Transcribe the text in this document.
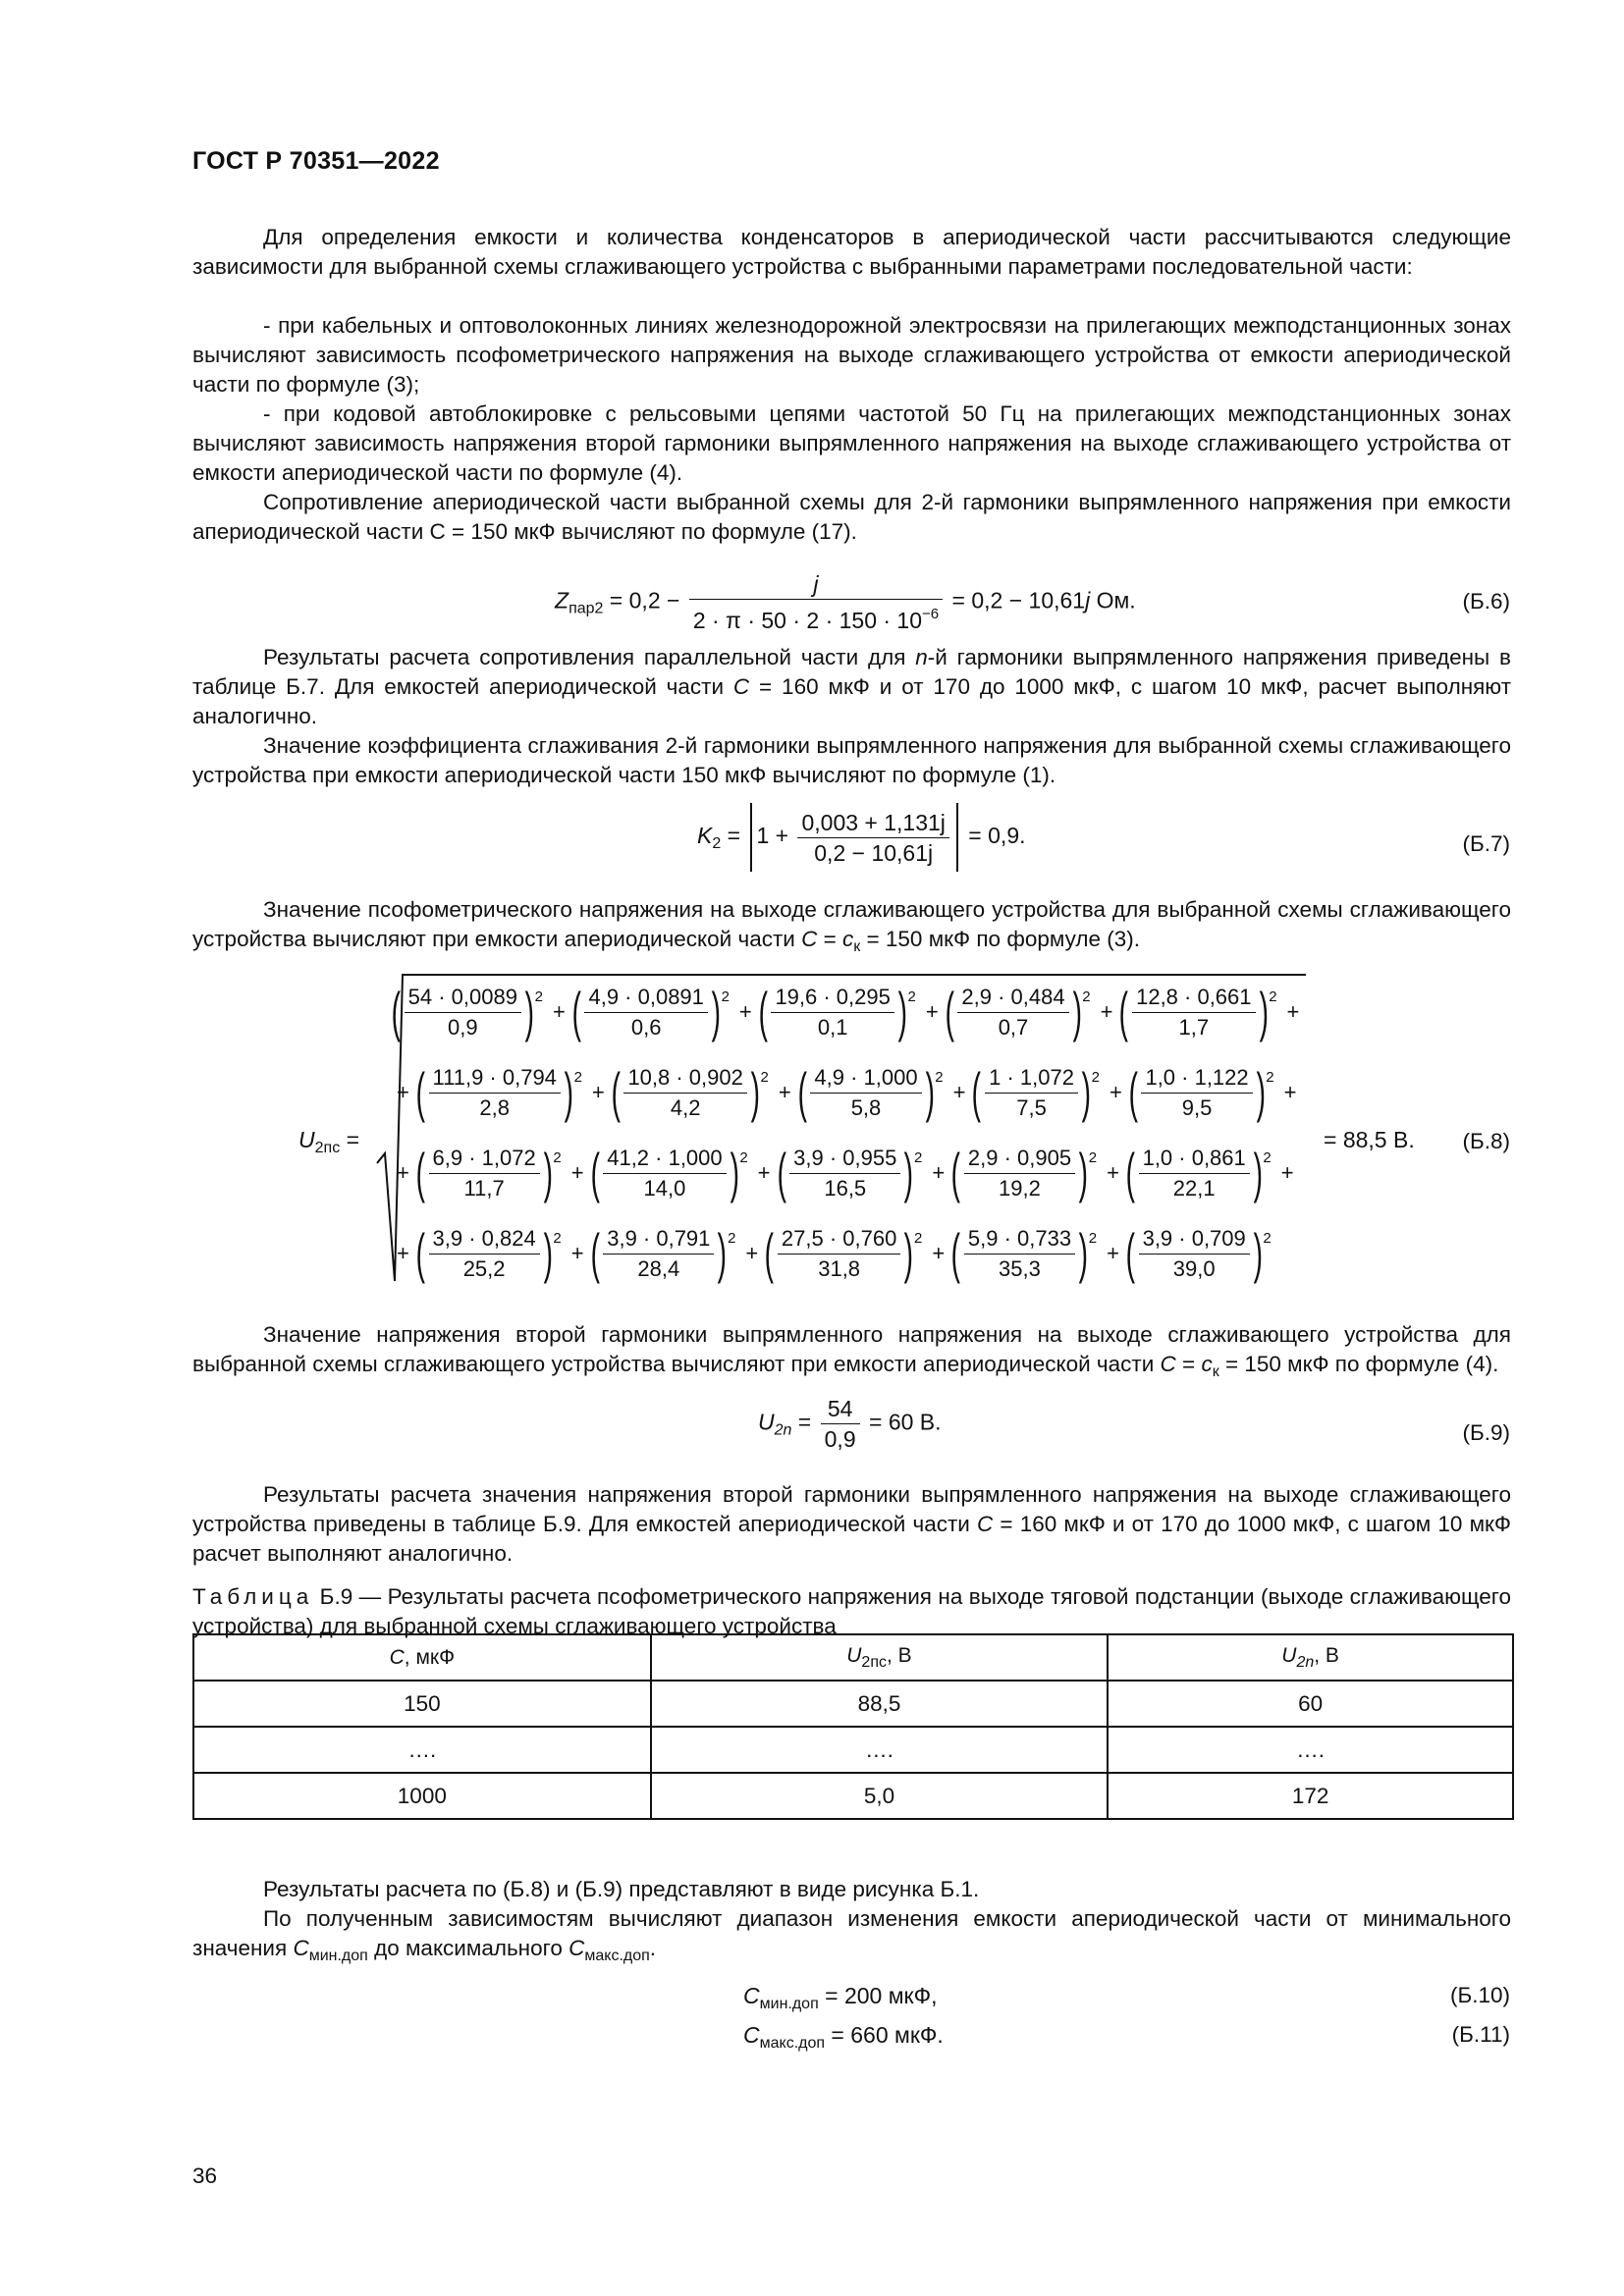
ГОСТ Р 70351—2022
Для определения емкости и количества конденсаторов в апериодической части рассчитываются следующие зависимости для выбранной схемы сглаживающего устройства с выбранными параметрами последовательной части:
- при кабельных и оптоволоконных линиях железнодорожной электросвязи на прилегающих межподстанционных зонах вычисляют зависимость псофометрического напряжения на выходе сглаживающего устройства от емкости апериодической части по формуле (3);
- при кодовой автоблокировке с рельсовыми цепями частотой 50 Гц на прилегающих межподстанционных зонах вычисляют зависимость напряжения второй гармоники выпрямленного напряжения на выходе сглаживающего устройства от емкости апериодической части по формуле (4).
Сопротивление апериодической части выбранной схемы для 2-й гармоники выпрямленного напряжения при емкости апериодической части С = 150 мкФ вычисляют по формуле (17).
$Z_{пар2} = 0,2 - \frac{j}{2 \cdot \pi \cdot 50 \cdot 2 \cdot 150 \cdot 10^{-6}} = 0,2 - 10,61j$ Ом.	(Б.6)
Результаты расчета сопротивления параллельной части для n-й гармоники выпрямленного напряжения приведены в таблице Б.7. Для емкостей апериодической части C = 160 мкФ и от 170 до 1000 мкФ, с шагом 10 мкФ, расчет выполняют аналогично.
Значение коэффициента сглаживания 2-й гармоники выпрямленного напряжения для выбранной схемы сглаживающего устройства при емкости апериодической части 150 мкФ вычисляют по формуле (1).
$K_2 = 1 + \frac{0,003 + 1,131j}{0,2 - 10,61j} = 0,9$.	(Б.7)
Значение псофометрического напряжения на выходе сглаживающего устройства для выбранной схемы сглаживающего устройства вычисляют при емкости апериодической части $C = c_к = 150$ мкФ по формуле (3).
$U_{2пс}$ =
( $\frac{54 \cdot 0,0089}{0,9}$ ) 2
+ ( $\frac{4,9 \cdot 0,0891}{0,6}$ ) 2
+ ( $\frac{19,6 \cdot 0,295}{0,1}$ ) 2
+ ( $\frac{2,9 \cdot 0,484}{0,7}$ ) 2
+ ( $\frac{12,8 \cdot 0,661}{1,7}$ ) 2
+
+ ( $\frac{111,9 \cdot 0,794}{2,8}$ ) 2
+ ( $\frac{10,8 \cdot 0,902}{4,2}$ ) 2
+ ( $\frac{4,9 \cdot 1,000}{5,8}$ ) 2
+ ( $\frac{1 \cdot 1,072}{7,5}$ ) 2
+ ( $\frac{1,0 \cdot 1,122}{9,5}$ ) 2
+
+ ( $\frac{6,9 \cdot 1,072}{11,7}$ ) 2
+ ( $\frac{41,2 \cdot 1,000}{14,0}$ ) 2
+ ( $\frac{3,9 \cdot 0,955}{16,5}$ ) 2
+ ( $\frac{2,9 \cdot 0,905}{19,2}$ ) 2
+ ( $\frac{1,0 \cdot 0,861}{22,1}$ ) 2
+
+ ( $\frac{3,9 \cdot 0,824}{25,2}$ ) 2
+ ( $\frac{3,9 \cdot 0,791}{28,4}$ ) 2
+ ( $\frac{27,5 \cdot 0,760}{31,8}$ ) 2
+ ( $\frac{5,9 \cdot 0,733}{35,3}$ ) 2
+ ( $\frac{3,9 \cdot 0,709}{39,0}$ ) 2
= 88,5 В. (Б.8)
Значение напряжения второй гармоники выпрямленного напряжения на выходе сглаживающего устройства для выбранной схемы сглаживающего устройства вычисляют при емкости апериодической части $C = c_к = 150$ мкФ по формуле (4).
$U_{2n} = \frac{54}{0,9} = 60$ В.	(Б.9)
Результаты расчета значения напряжения второй гармоники выпрямленного напряжения на выходе сглаживающего устройства приведены в таблице Б.9. Для емкостей апериодической части C = 160 мкФ и от 170 до 1000 мкФ, с шагом 10 мкФ расчет выполняют аналогично.
Таблица Б.9 — Результаты расчета псофометрического напряжения на выходе тяговой подстанции (выходе сглаживающего устройства) для выбранной схемы сглаживающего устройства
C, мкФ	$U_{2пс}$, В	$U_{2n}$, В
150	88,5	60
….	….	….
1000	5,0	172
Результаты расчета по (Б.8) и (Б.9) представляют в виде рисунка Б.1.
По полученным зависимостям вычисляют диапазон изменения емкости апериодической части от минимального значения $C_{мин.доп}$ до максимального $C_{макс.доп}$.
$C_{мин.доп} = 200$ мкФ,	(Б.10)
$C_{макс.доп} = 660$ мкФ.	(Б.11)
36
